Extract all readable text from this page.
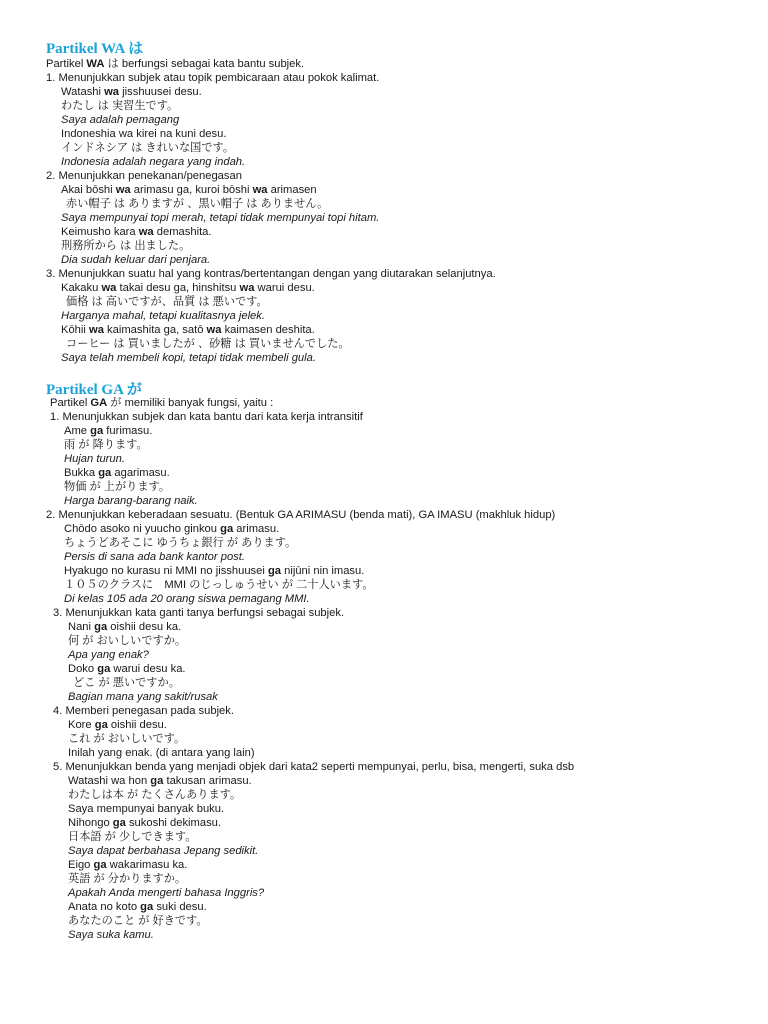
Partikel WA は
Partikel WA は berfungsi sebagai kata bantu subjek.
1. Menunjukkan subjek atau topik pembicaraan atau pokok kalimat.
Watashi wa jisshuusei desu.
わたし は 実習生です。
Saya adalah pemagang
Indoneshia wa kirei na kuni desu.
インドネシア は きれいな国です。
Indonesia adalah negara yang indah.
2. Menunjukkan penekanan/penegasan
Akai bōshi wa arimasu ga, kuroi bōshi wa arimasen
赤い帽子 は ありますが 、黒い帽子 は ありません。
Saya mempunyai topi merah, tetapi tidak mempunyai topi hitam.
Keimusho kara wa demashita.
刑務所から は 出ました。
Dia sudah keluar dari penjara.
3. Menunjukkan suatu hal yang kontras/bertentangan dengan yang diutarakan selanjutnya.
Kakaku wa takai desu ga, hinshitsu wa warui desu.
価格 は 高いですが、品質 は 悪いです。
Harganya mahal, tetapi kualitasnya jelek.
Kōhii wa kaimashita ga, satō wa kaimasen deshita.
コーヒー は 買いましたが 、砂糖 は 買いませんでした。
Saya telah membeli kopi, tetapi tidak membeli gula.
Partikel GA が
Partikel GA が memiliki banyak fungsi, yaitu :
1. Menunjukkan subjek dan kata bantu dari kata kerja intransitif
Ame ga furimasu.
雨 が 降ります。
Hujan turun.
Bukka ga agarimasu.
物価 が 上がります。
Harga barang-barang naik.
2. Menunjukkan keberadaan sesuatu. (Bentuk GA ARIMASU (benda mati), GA IMASU (makhluk hidup)
Chōdo asoko ni yuucho ginkou ga arimasu.
ちょうどあそこに ゆうちょ銀行 が あります。
Persis di sana ada bank kantor post.
Hyakugo no kurasu ni MMI no jisshuusei ga nijūni nin imasu.
１０５のクラスに　MMI のじっしゅうせい が 二十人います。
Di kelas 105 ada 20 orang siswa pemagang MMI.
3. Menunjukkan kata ganti tanya berfungsi sebagai subjek.
Nani ga oishii desu ka.
何 が おいしいですか。
Apa yang enak?
Doko ga warui desu ka.
どこ が 悪いですか。
Bagian mana yang sakit/rusak
4. Memberi penegasan pada subjek.
Kore ga oishii desu.
これ が おいしいです。
Inilah yang enak. (di antara yang lain)
5. Menunjukkan benda yang menjadi objek dari kata2 seperti mempunyai, perlu, bisa, mengerti, suka dsb
Watashi wa hon ga takusan arimasu.
わたしは本 が たくさんあります。
Saya mempunyai banyak buku.
Nihongo ga sukoshi dekimasu.
日本語 が 少しできます。
Saya dapat berbahasa Jepang sedikit.
Eigo ga wakarimasu ka.
英語 が 分かりますか。
Apakah Anda mengerti bahasa Inggris?
Anata no koto ga suki desu.
あなたのこと が 好きです。
Saya suka kamu.
